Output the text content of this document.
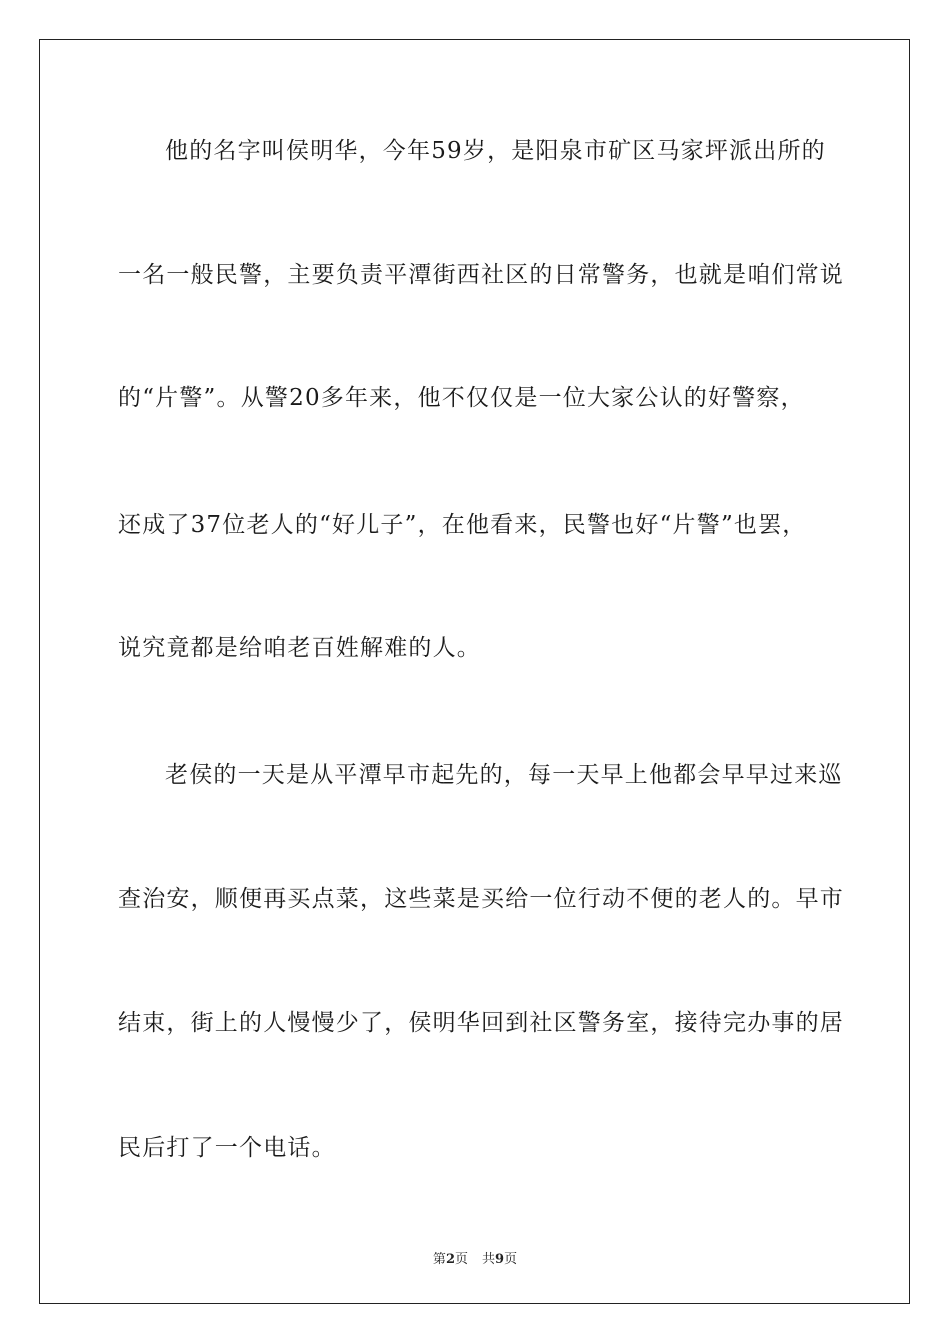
他的名字叫侯明华，今年59岁，是阳泉市矿区马家坪派出所的
一名一般民警，主要负责平潭街西社区的日常警务，也就是咱们常说
的“片警”。从警20多年来，他不仅仅是一位大家公认的好警察，
还成了37位老人的“好儿子”，在他看来，民警也好“片警”也罢，
说究竟都是给咱老百姓解难的人。
老侯的一天是从平潭早市起先的，每一天早上他都会早早过来巡
查治安，顺便再买点菜，这些菜是买给一位行动不便的老人的。早市
结束，街上的人慢慢少了，侯明华回到社区警务室，接待完办事的居
民后打了一个电话。
第2页 共9页
